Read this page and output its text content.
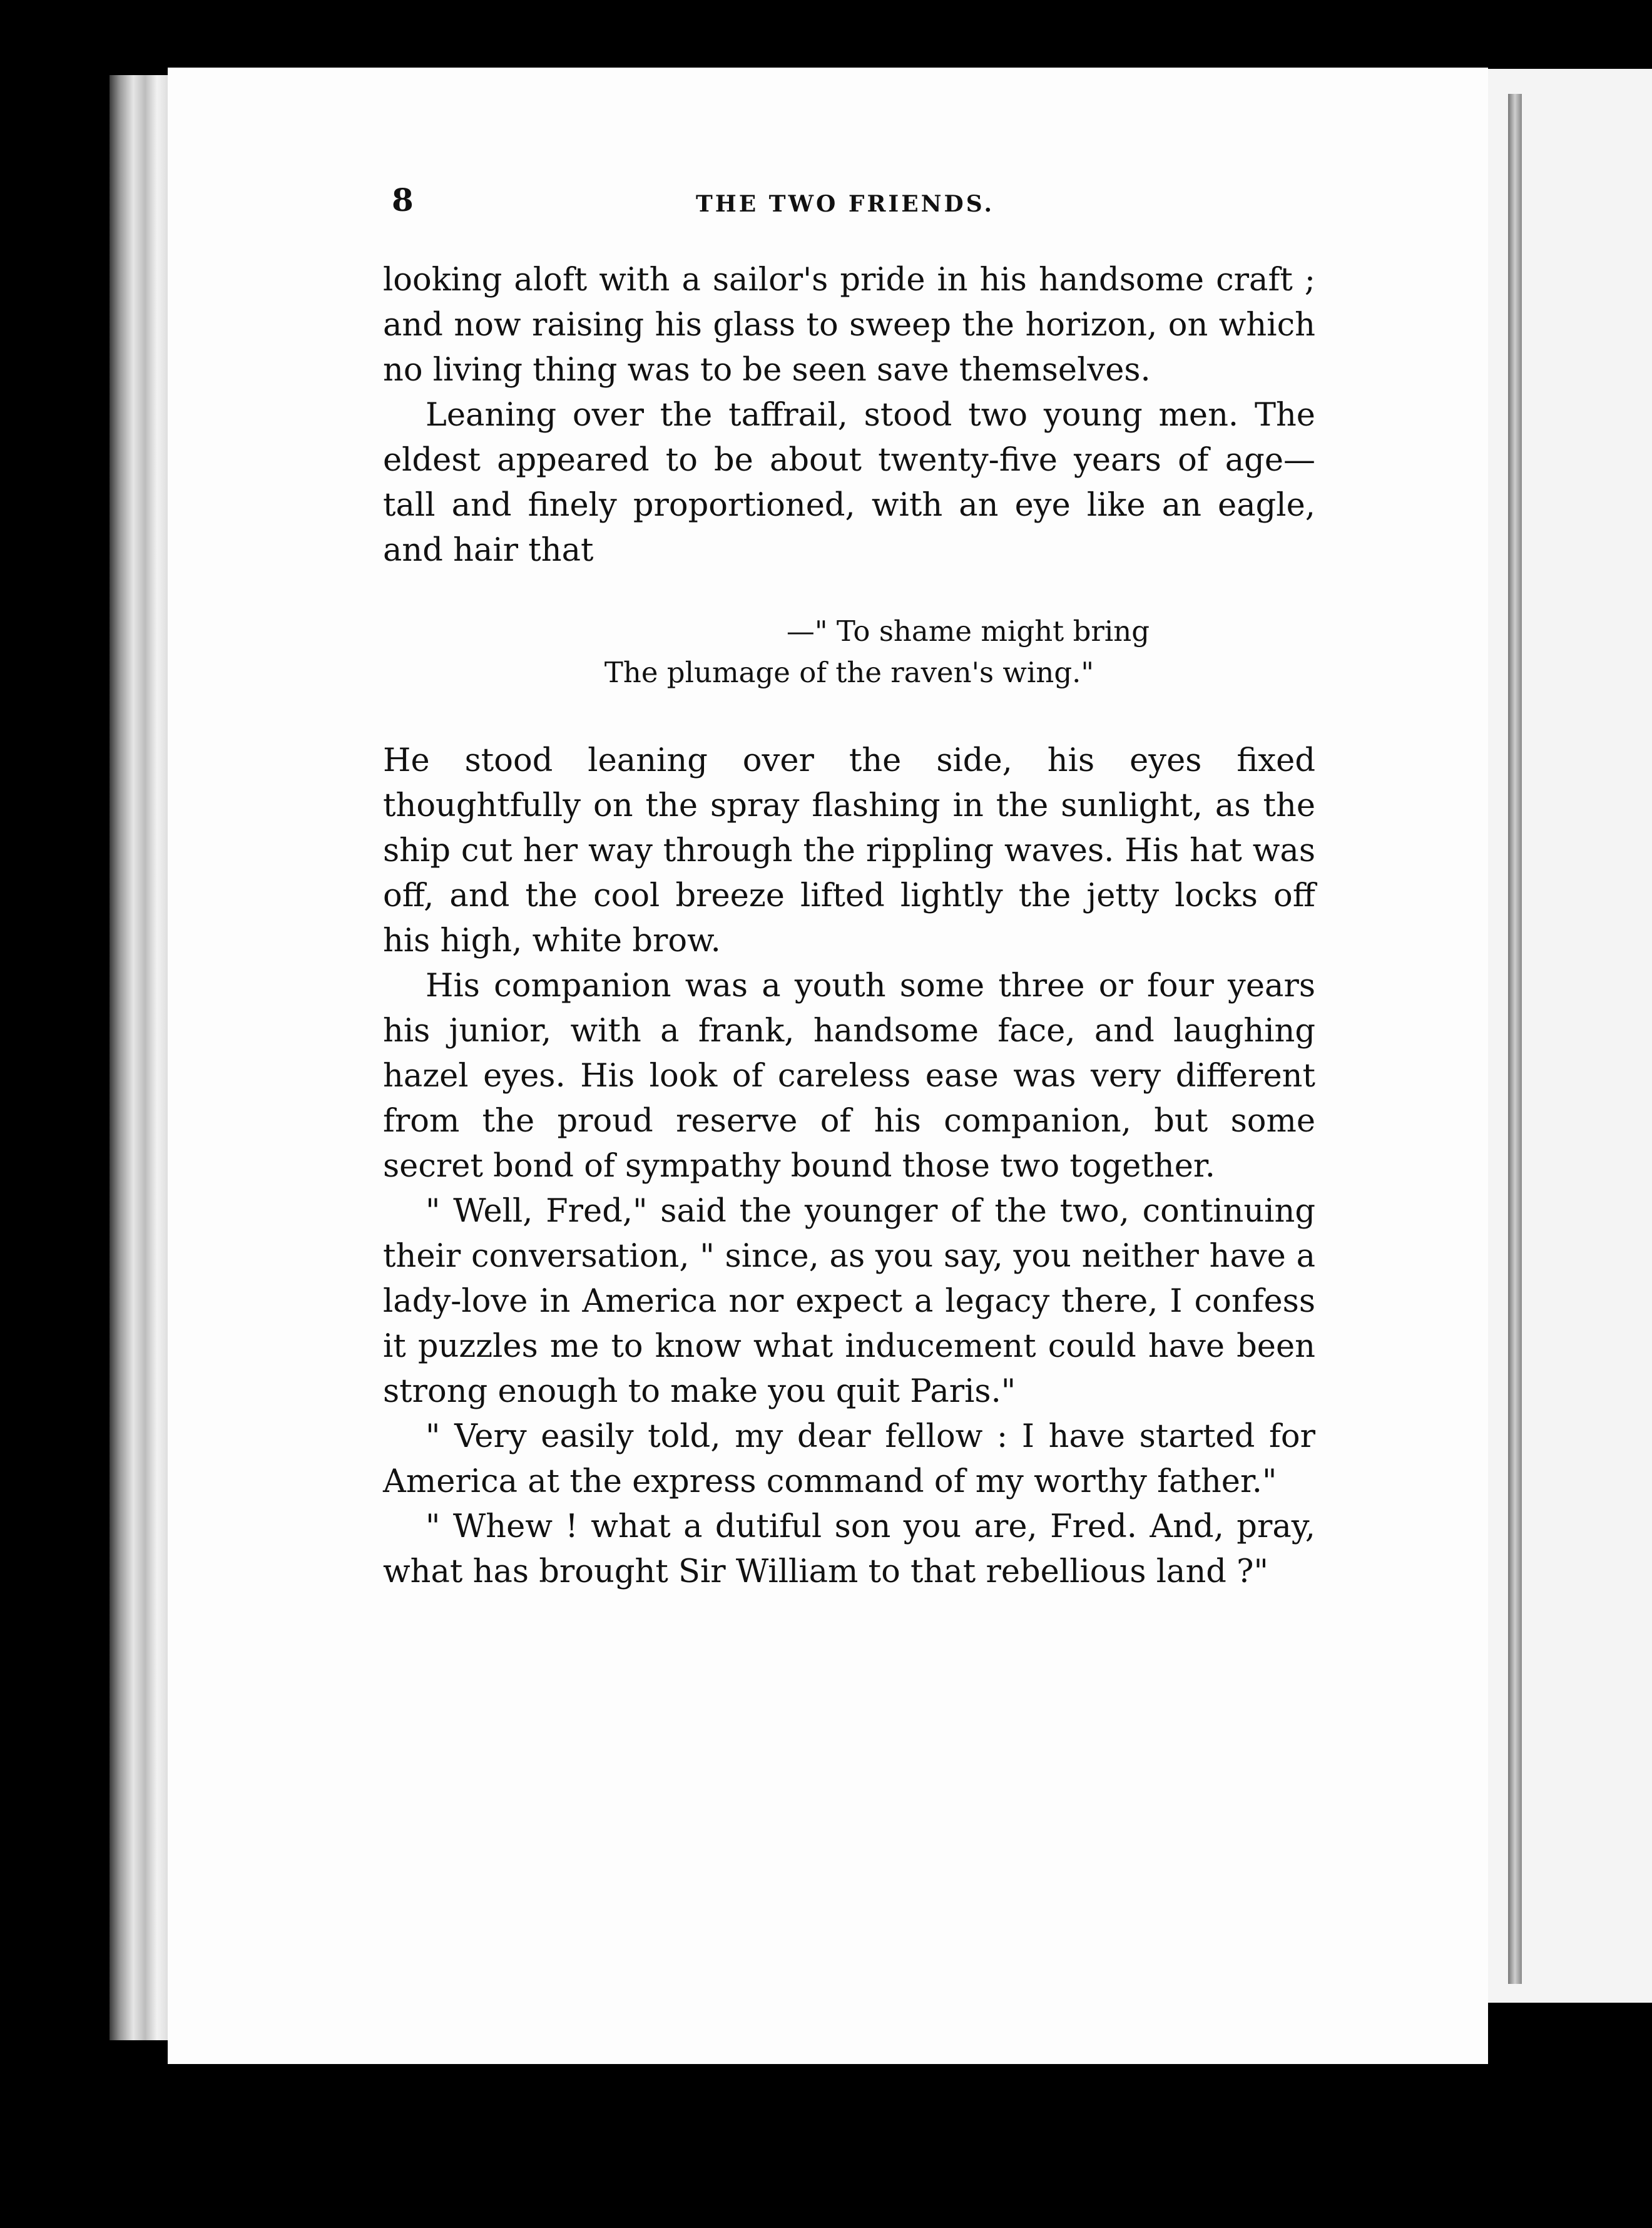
8	THE TWO FRIENDS.

looking aloft with a sailor's pride in his handsome craft ; and now raising his glass to sweep the horizon, on which no living thing was to be seen save themselves.

Leaning over the taffrail, stood two young men. The eldest appeared to be about twenty-five years of age—tall and finely proportioned, with an eye like an eagle, and hair that

—" To shame might bring
The plumage of the raven's wing."

He stood leaning over the side, his eyes fixed thoughtfully on the spray flashing in the sunlight, as the ship cut her way through the rippling waves. His hat was off, and the cool breeze lifted lightly the jetty locks off his high, white brow.

His companion was a youth some three or four years his junior, with a frank, handsome face, and laughing hazel eyes. His look of careless ease was very different from the proud reserve of his companion, but some secret bond of sympathy bound those two together.

" Well, Fred," said the younger of the two, continuing their conversation, " since, as you say, you neither have a lady-love in America nor expect a legacy there, I confess it puzzles me to know what inducement could have been strong enough to make you quit Paris."

" Very easily told, my dear fellow : I have started for America at the express command of my worthy father."

" Whew ! what a dutiful son you are, Fred. And, pray, what has brought Sir William to that rebellious land ?"
